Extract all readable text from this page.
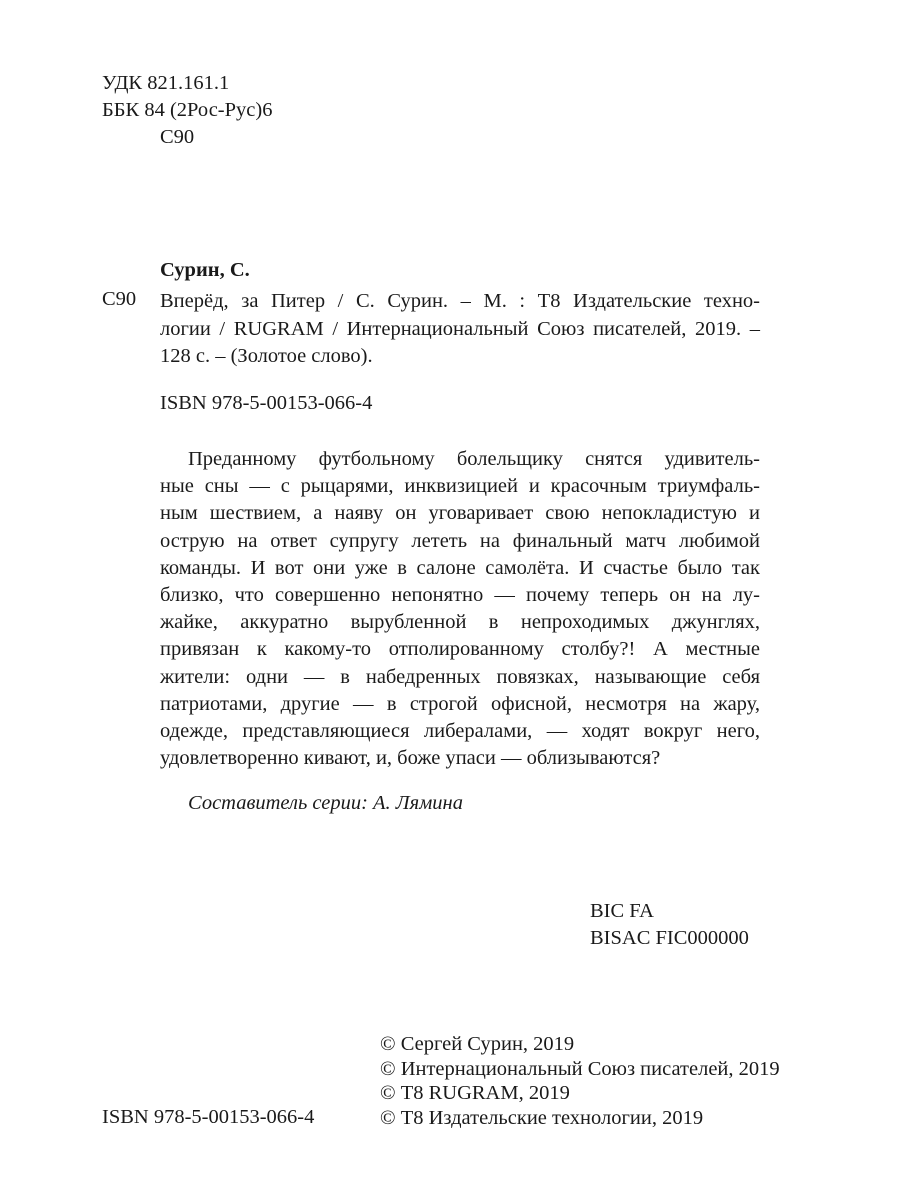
УДК 821.161.1
ББК 84 (2Рос-Рус)6
С90
Сурин, С.
С90 Вперёд, за Питер / С. Сурин. – М. : Т8 Издательские техно-
логии / RUGRAM / Интернациональный Союз писателей, 2019. –
128 с. – (Золотое слово).
ISBN 978-5-00153-066-4
Преданному футбольному болельщику снятся удивитель-
ные сны — с рыцарями, инквизицией и красочным триумфаль-
ным шествием, а наяву он уговаривает свою непокладистую и
острую на ответ супругу лететь на финальный матч любимой
команды. И вот они уже в салоне самолёта. И счастье было так
близко, что совершенно непонятно — почему теперь он на лу-
жайке, аккуратно вырубленной в непроходимых джунглях,
привязан к какому-то отполированному столбу?! А местные
жители: одни — в набедренных повязках, называющие себя
патриотами, другие — в строгой офисной, несмотря на жару,
одежде, представляющиеся либералами, — ходят вокруг него,
удовлетворенно кивают, и, боже упаси — облизываются?
Составитель серии: А. Лямина
BIC FA
BISAC FIC000000
© Сергей Сурин, 2019
© Интернациональный Союз писателей, 2019
© Т8 RUGRAM, 2019
© Т8 Издательские технологии, 2019
ISBN 978-5-00153-066-4
